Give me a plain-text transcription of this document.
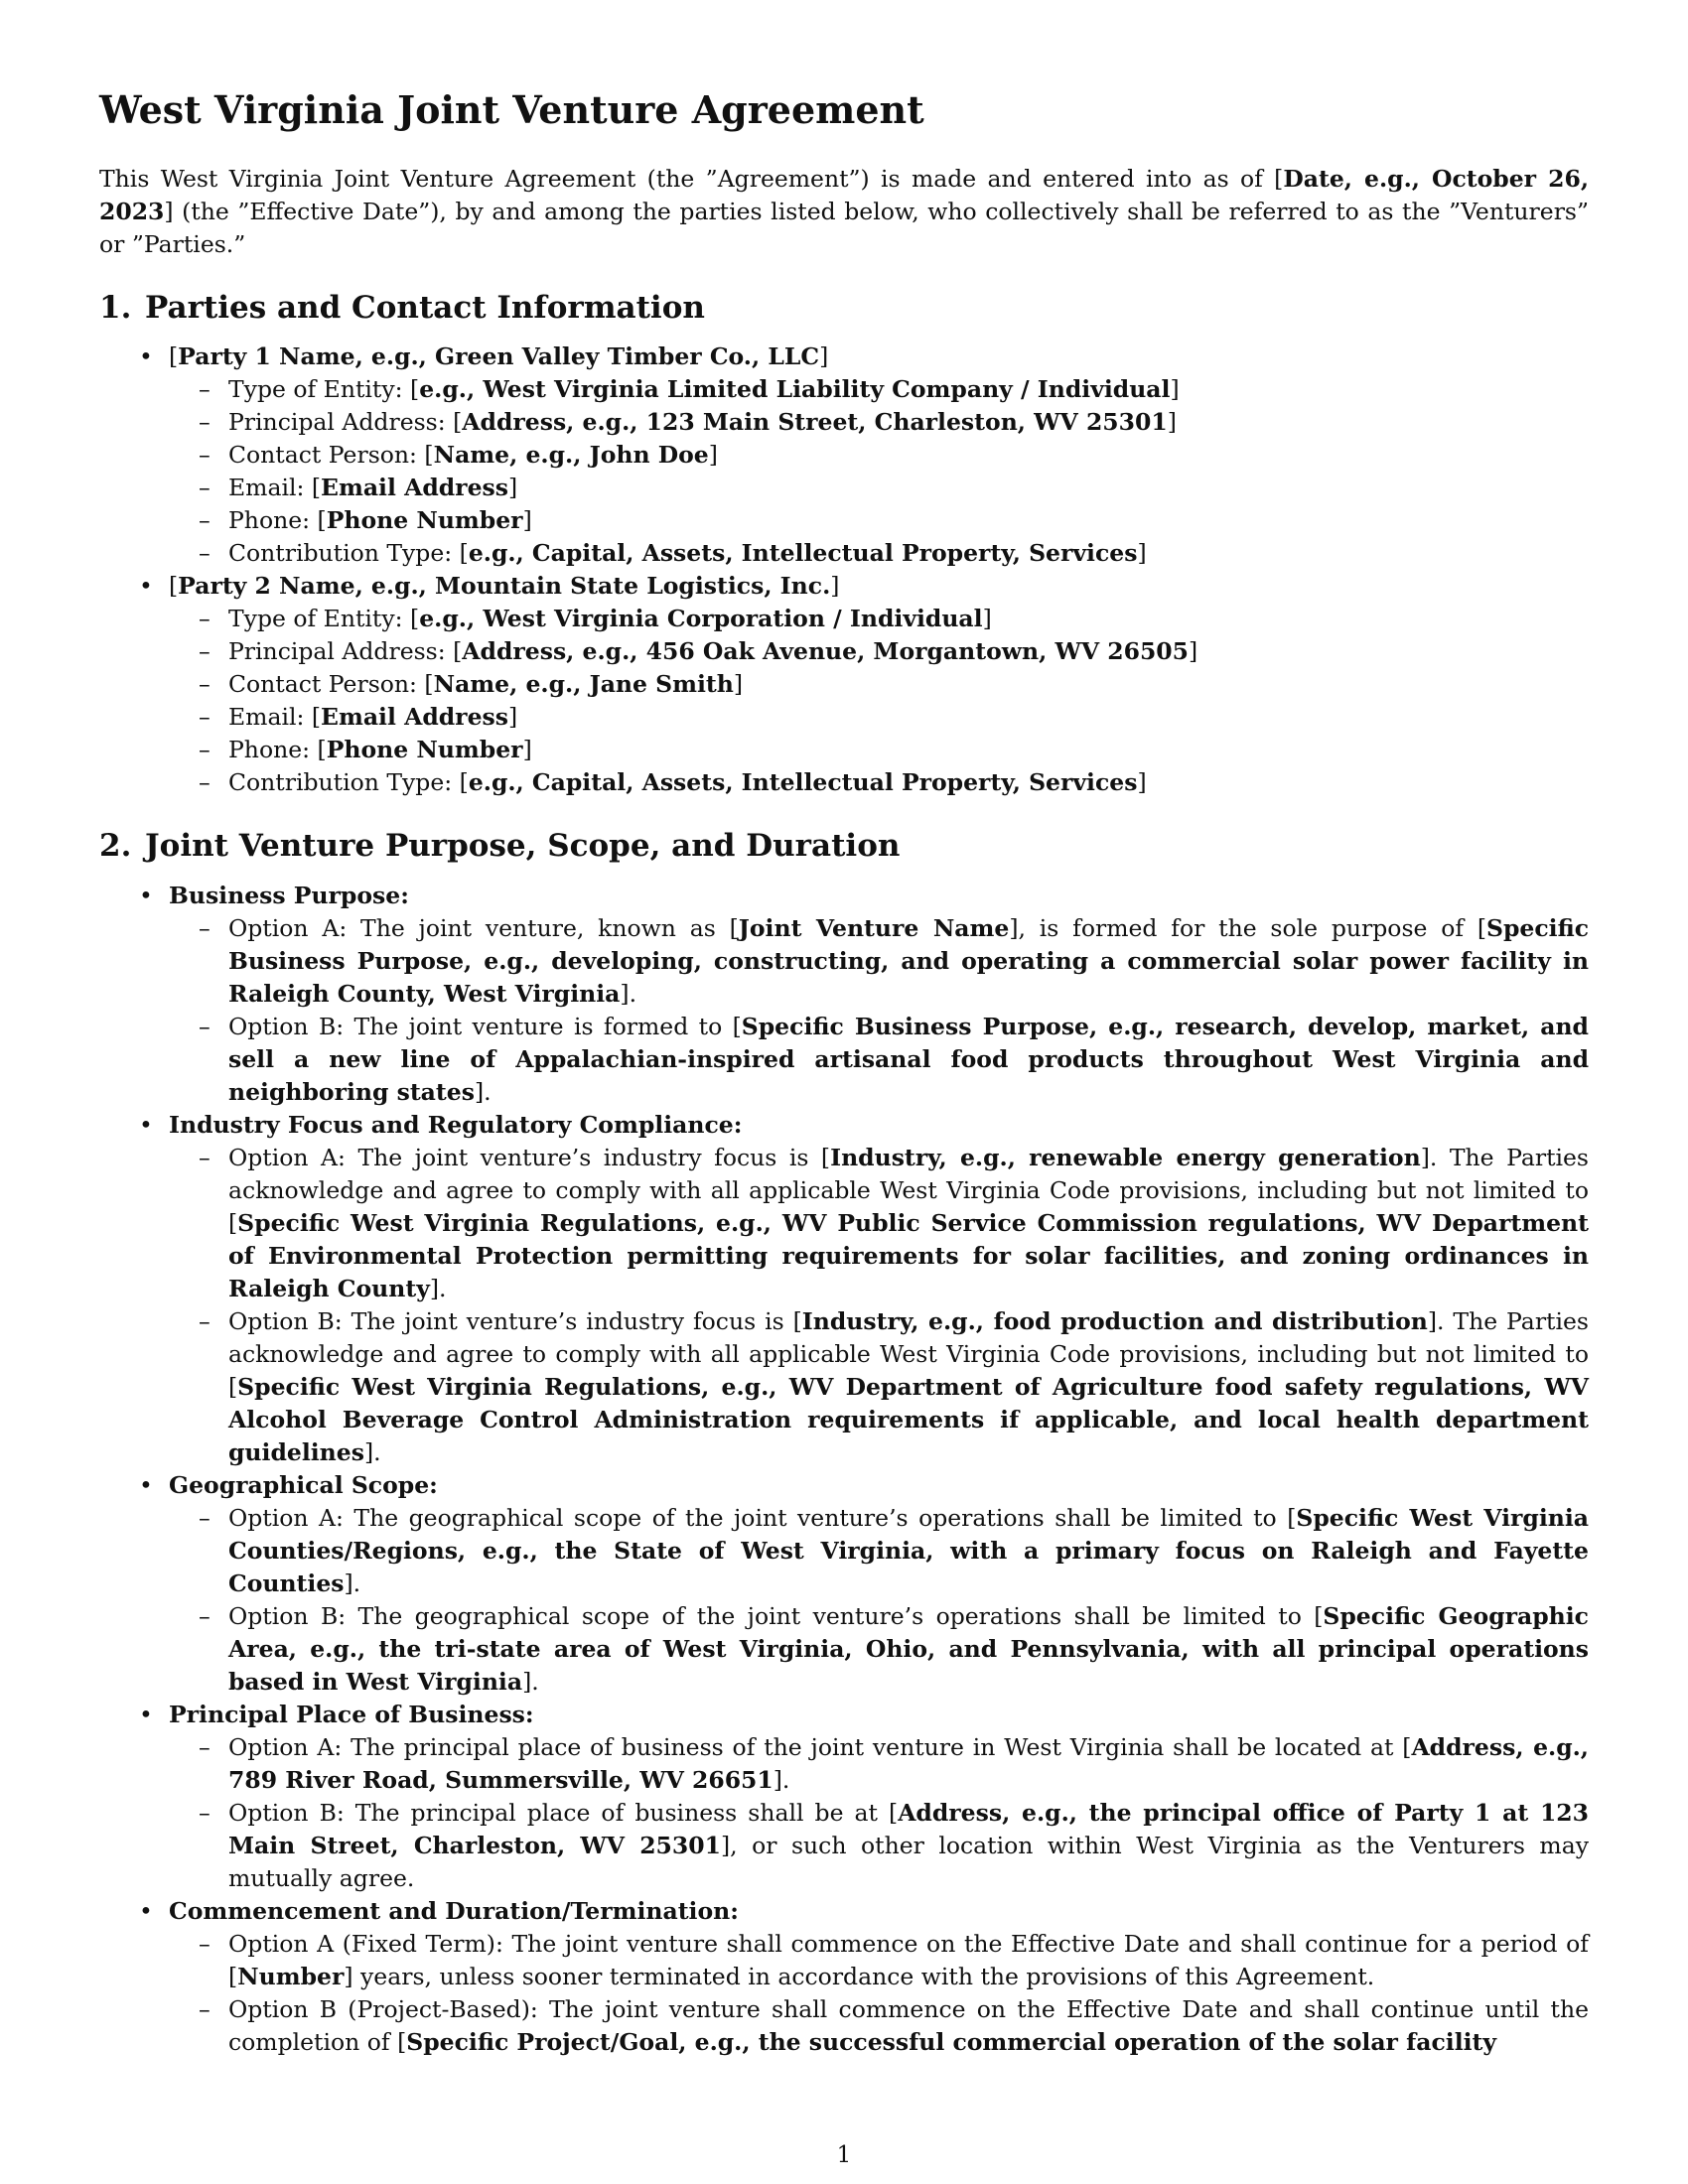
West Virginia Joint Venture Agreement

This West Virginia Joint Venture Agreement (the ”Agreement”) is made and entered into as of [Date, e.g., October 26, 2023] (the ”Effective Date”), by and among the parties listed below, who collectively shall be referred to as the ”Venturers” or ”Parties.”

1. Parties and Contact Information
• [Party 1 Name, e.g., Green Valley Timber Co., LLC]
– Type of Entity: [e.g., West Virginia Limited Liability Company / Individual]
– Principal Address: [Address, e.g., 123 Main Street, Charleston, WV 25301]
– Contact Person: [Name, e.g., John Doe]
– Email: [Email Address]
– Phone: [Phone Number]
– Contribution Type: [e.g., Capital, Assets, Intellectual Property, Services]
• [Party 2 Name, e.g., Mountain State Logistics, Inc.]
– Type of Entity: [e.g., West Virginia Corporation / Individual]
– Principal Address: [Address, e.g., 456 Oak Avenue, Morgantown, WV 26505]
– Contact Person: [Name, e.g., Jane Smith]
– Email: [Email Address]
– Phone: [Phone Number]
– Contribution Type: [e.g., Capital, Assets, Intellectual Property, Services]
2. Joint Venture Purpose, Scope, and Duration
• Business Purpose:
– Option A: The joint venture, known as [Joint Venture Name], is formed for the sole purpose of [Specific Business Purpose, e.g., developing, constructing, and operating a commercial solar power facility in Raleigh County, West Virginia].
– Option B: The joint venture is formed to [Specific Business Purpose, e.g., research, develop, market, and sell a new line of Appalachian-inspired artisanal food products throughout West Virginia and neighboring states].
• Industry Focus and Regulatory Compliance:
– Option A: The joint venture’s industry focus is [Industry, e.g., renewable energy generation]. The Parties acknowledge and agree to comply with all applicable West Virginia Code provisions, including but not limited to [Specific West Virginia Regulations, e.g., WV Public Service Commission regulations, WV Department of Environmental Protection permitting requirements for solar facilities, and zoning ordinances in Raleigh County].
– Option B: The joint venture’s industry focus is [Industry, e.g., food production and distribution]. The Parties acknowledge and agree to comply with all applicable West Virginia Code provisions, including but not limited to [Specific West Virginia Regulations, e.g., WV Department of Agriculture food safety regulations, WV Alcohol Beverage Control Administration requirements if applicable, and local health department guidelines].
• Geographical Scope:
– Option A: The geographical scope of the joint venture’s operations shall be limited to [Specific West Virginia Counties/Regions, e.g., the State of West Virginia, with a primary focus on Raleigh and Fayette Counties].
– Option B: The geographical scope of the joint venture’s operations shall be limited to [Specific Geographic Area, e.g., the tri-state area of West Virginia, Ohio, and Pennsylvania, with all principal operations based in West Virginia].
• Principal Place of Business:
– Option A: The principal place of business of the joint venture in West Virginia shall be located at [Address, e.g., 789 River Road, Summersville, WV 26651].
– Option B: The principal place of business shall be at [Address, e.g., the principal office of Party 1 at 123 Main Street, Charleston, WV 25301], or such other location within West Virginia as the Venturers may mutually agree.
• Commencement and Duration/Termination:
– Option A (Fixed Term): The joint venture shall commence on the Effective Date and shall continue for a period of [Number] years, unless sooner terminated in accordance with the provisions of this Agreement.
– Option B (Project-Based): The joint venture shall commence on the Effective Date and shall continue until the completion of [Specific Project/Goal, e.g., the successful commercial operation of the solar facility
1
